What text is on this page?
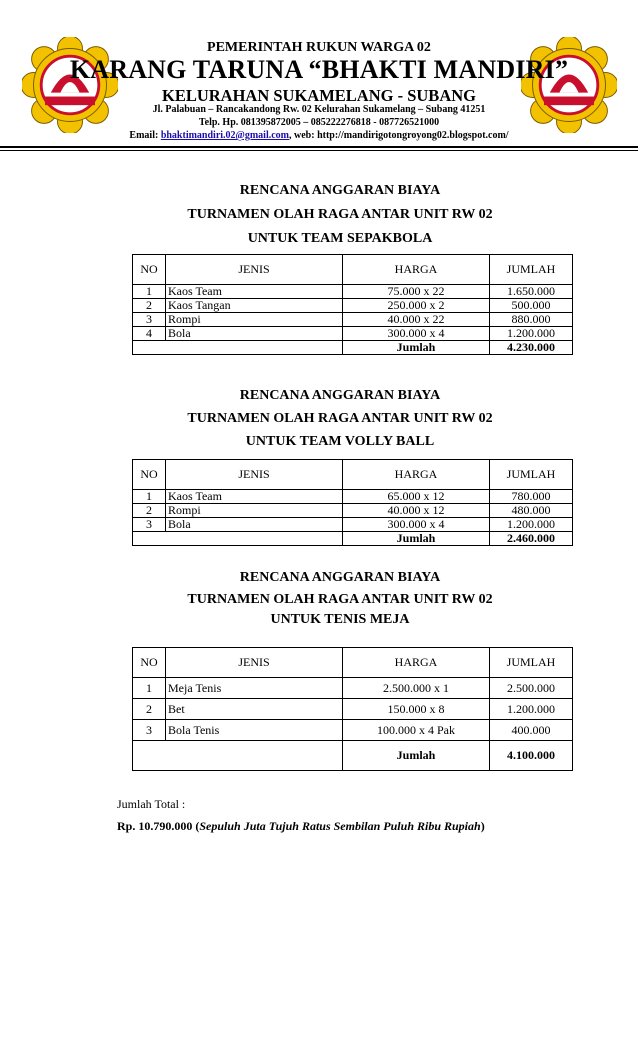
PEMERINTAH RUKUN WARGA 02
KARANG TARUNA “BHAKTI MANDIRI”
KELURAHAN SUKAMELANG - SUBANG
Jl. Palabuan – Rancakandong Rw. 02 Kelurahan Sukamelang – Subang 41251
Telp. Hp. 081395872005 – 085222276818 - 087726521000
Email: bhaktimandiri.02@gmail.com, web: http://mandirigotongroyong02.blogspot.com/
RENCANA ANGGARAN BIAYA
TURNAMEN OLAH RAGA ANTAR UNIT RW 02
UNTUK TEAM SEPAKBOLA
NO	JENIS	HARGA	JUMLAH
1	Kaos Team	75.000 x 22	1.650.000
2	Kaos Tangan	250.000 x 2	500.000
3	Rompi	40.000 x 22	880.000
4	Bola	300.000 x 4	1.200.000
		Jumlah	4.230.000
RENCANA ANGGARAN BIAYA
TURNAMEN OLAH RAGA ANTAR UNIT RW 02
UNTUK TEAM VOLLY BALL
NO	JENIS	HARGA	JUMLAH
1	Kaos Team	65.000 x 12	780.000
2	Rompi	40.000 x 12	480.000
3	Bola	300.000 x 4	1.200.000
		Jumlah	2.460.000
RENCANA ANGGARAN BIAYA
TURNAMEN OLAH RAGA ANTAR UNIT RW 02
UNTUK TENIS MEJA
NO	JENIS	HARGA	JUMLAH
1	Meja Tenis	2.500.000 x 1	2.500.000
2	Bet	150.000 x 8	1.200.000
3	Bola Tenis	100.000 x 4 Pak	400.000
		Jumlah	4.100.000
Jumlah Total :
Rp. 10.790.000 (Sepuluh Juta Tujuh Ratus Sembilan Puluh Ribu Rupiah)
